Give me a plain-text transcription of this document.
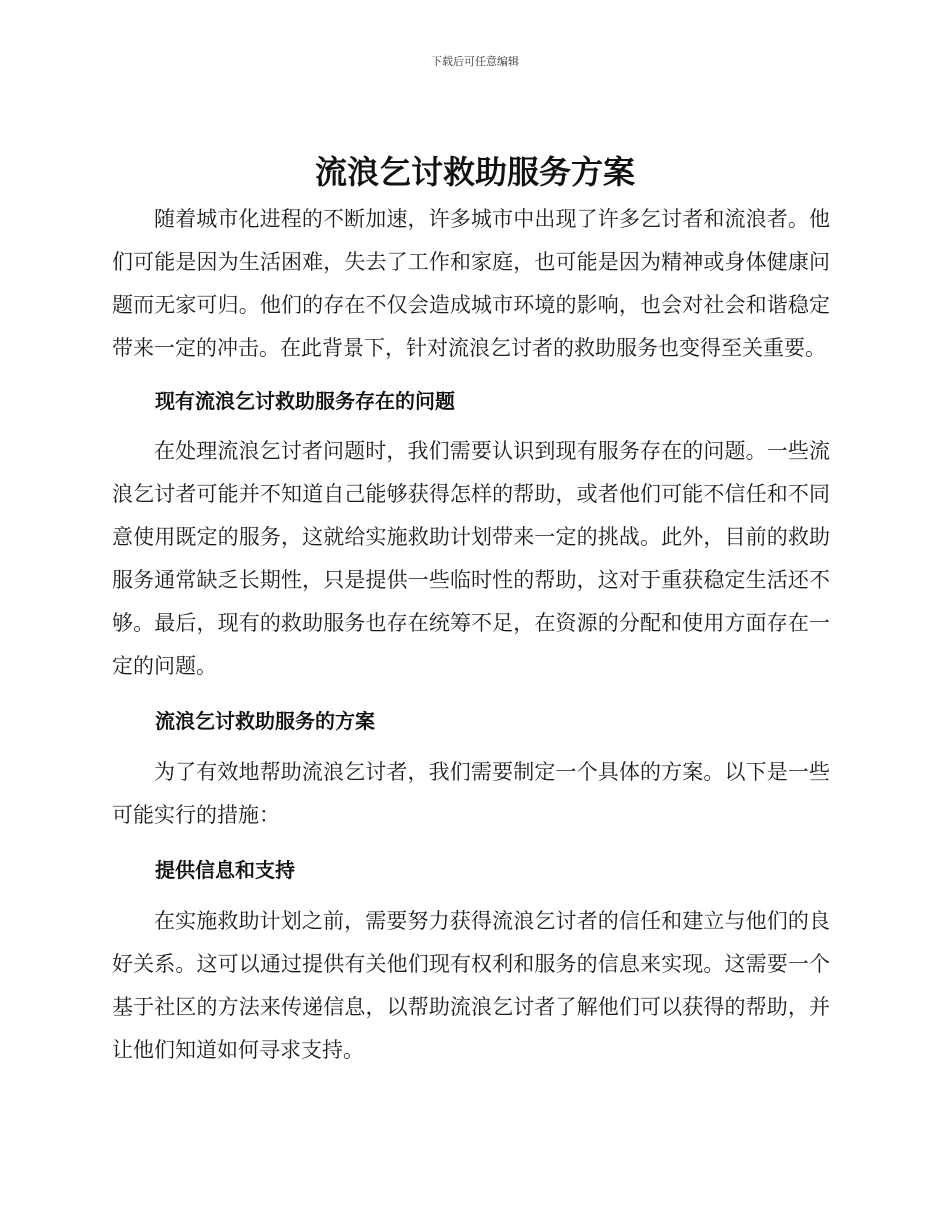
下载后可任意编辑
流浪乞讨救助服务方案

随着城市化进程的不断加速，许多城市中出现了许多乞讨者和流浪者。他们可能是因为生活困难，失去了工作和家庭，也可能是因为精神或身体健康问题而无家可归。他们的存在不仅会造成城市环境的影响，也会对社会和谐稳定带来一定的冲击。在此背景下，针对流浪乞讨者的救助服务也变得至关重要。

现有流浪乞讨救助服务存在的问题

在处理流浪乞讨者问题时，我们需要认识到现有服务存在的问题。一些流浪乞讨者可能并不知道自己能够获得怎样的帮助，或者他们可能不信任和不同意使用既定的服务，这就给实施救助计划带来一定的挑战。此外，目前的救助服务通常缺乏长期性，只是提供一些临时性的帮助，这对于重获稳定生活还不够。最后，现有的救助服务也存在统筹不足，在资源的分配和使用方面存在一定的问题。

流浪乞讨救助服务的方案

为了有效地帮助流浪乞讨者，我们需要制定一个具体的方案。以下是一些可能实行的措施：

提供信息和支持

在实施救助计划之前，需要努力获得流浪乞讨者的信任和建立与他们的良好关系。这可以通过提供有关他们现有权利和服务的信息来实现。这需要一个基于社区的方法来传递信息，以帮助流浪乞讨者了解他们可以获得的帮助，并让他们知道如何寻求支持。
